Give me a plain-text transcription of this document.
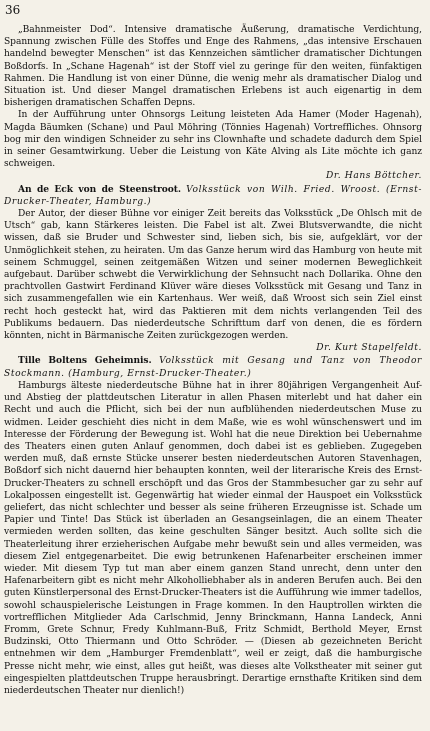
36

„Bahnmeister Dod“. Intensive dramatische Äußerung, dramatische Verdichtung, Spannung zwischen Fülle des Stoffes und Enge des Rahmens, „das intensive Erschauen handelnd bewegter Menschen“ ist das Kennzeichen sämtlicher dramatischer Dichtungen Boßdorfs. In „Schane Hagenah“ ist der Stoff viel zu geringe für den weiten, fünfaktigen Rahmen. Die Handlung ist von einer Dünne, die wenig mehr als dramatischer Dialog und Situation ist. Und dieser Mangel dramatischen Erlebens ist auch eigenartig in dem bisherigen dramatischen Schaffen Depns.

In der Aufführung unter Ohnsorgs Leitung leisteten Ada Hamer (Moder Hagenah), Magda Bäumken (Schane) und Paul Möhring (Tönnies Hagenah) Vortreffliches. Ohnsorg bog mir den windigen Schneider zu sehr ins Clownhafte und schadete dadurch dem Spiel in seiner Gesamtwirkung. Ueber die Leistung von Käte Alving als Lite möchte ich ganz schweigen.

Dr. Hans Böttcher.

An de Eck von de Steenstroot. Volksstück von Wilh. Fried. Wroost. (Ernst-Drucker-Theater, Hamburg.)

Der Autor, der dieser Bühne vor einiger Zeit bereits das Volksstück „De Ohlsch mit de Utsch“ gab, kann Stärkeres leisten. Die Fabel ist alt. Zwei Blutsverwandte, die nicht wissen, daß sie Bruder und Schwester sind, lieben sich, bis sie, aufgeklärt, vor der Unmöglichkeit stehen, zu heiraten. Um das Ganze herum wird das Hamburg von heute mit seinem Schmuggel, seinen zeitgemäßen Witzen und seiner modernen Beweglichkeit aufgebaut. Darüber schwebt die Verwirklichung der Sehnsucht nach Dollarika. Ohne den prachtvollen Gastwirt Ferdinand Klüver wäre dieses Volksstück mit Gesang und Tanz in sich zusammengefallen wie ein Kartenhaus. Wer weiß, daß Wroost sich sein Ziel einst recht hoch gesteckt hat, wird das Paktieren mit dem nichts verlangenden Teil des Publikums bedauern. Das niederdeutsche Schrifttum darf von denen, die es fördern könnten, nicht in Bärmanische Zeiten zurückgezogen werden.

Dr. Kurt Stapelfeldt.

Tille Boltens Geheimnis. Volksstück mit Gesang und Tanz von Theodor Stockmann. (Hamburg, Ernst-Drucker-Theater.)

Hamburgs älteste niederdeutsche Bühne hat in ihrer 80jährigen Vergangenheit Auf- und Abstieg der plattdeutschen Literatur in allen Phasen miterlebt und hat daher ein Recht und auch die Pflicht, sich bei der nun aufblühenden niederdeutschen Muse zu widmen. Leider geschieht dies nicht in dem Maße, wie es wohl wünschenswert und im Interesse der Förderung der Bewegung ist. Wohl hat die neue Direktion bei Uebernahme des Theaters einen guten Anlauf genommen, doch dabei ist es geblieben. Zugegeben werden muß, daß ernste Stücke unserer besten niederdeutschen Autoren Stavenhagen, Boßdorf sich nicht dauernd hier behaupten konnten, weil der literarische Kreis des Ernst-Drucker-Theaters zu schnell erschöpft und das Gros der Stammbesucher gar zu sehr auf Lokalpossen eingestellt ist. Gegenwärtig hat wieder einmal der Hauspoet ein Volksstück geliefert, das nicht schlechter und besser als seine früheren Erzeugnisse ist. Schade um Papier und Tinte! Das Stück ist überladen an Gesangseinlagen, die an einem Theater vermieden werden sollten, das keine geschulten Sänger besitzt. Auch sollte sich die Theaterleitung ihrer erzieherischen Aufgabe mehr bewußt sein und alles vermeiden, was diesem Ziel entgegenarbeitet. Die ewig betrunkenen Hafenarbeiter erscheinen immer wieder. Mit diesem Typ tut man aber einem ganzen Stand unrecht, denn unter den Hafenarbeitern gibt es nicht mehr Alkoholliebhaber als in anderen Berufen auch. Bei den guten Künstlerpersonal des Ernst-Drucker-Theaters ist die Aufführung wie immer tadellos, sowohl schauspielerische Leistungen in Frage kommen. In den Hauptrollen wirkten die vortrefflichen Mitglieder Ada Carlschmid, Jenny Brinckmann, Hanna Landeck, Anni Fromm, Grete Schnur, Fredy Kuhlmann-Buß, Fritz Schmidt, Berthold Meyer, Ernst Budzinski, Otto Thiermann und Otto Schröder. — (Diesen ab gezeichneten Bericht entnehmen wir dem „Hamburger Fremdenblatt“, weil er zeigt, daß die hamburgische Presse nicht mehr, wie einst, alles gut heißt, was dieses alte Volkstheater mit seiner gut eingespielten plattdeutschen Truppe herausbringt. Derartige ernsthafte Kritiken sind dem niederdeutschen Theater nur dienlich!)
